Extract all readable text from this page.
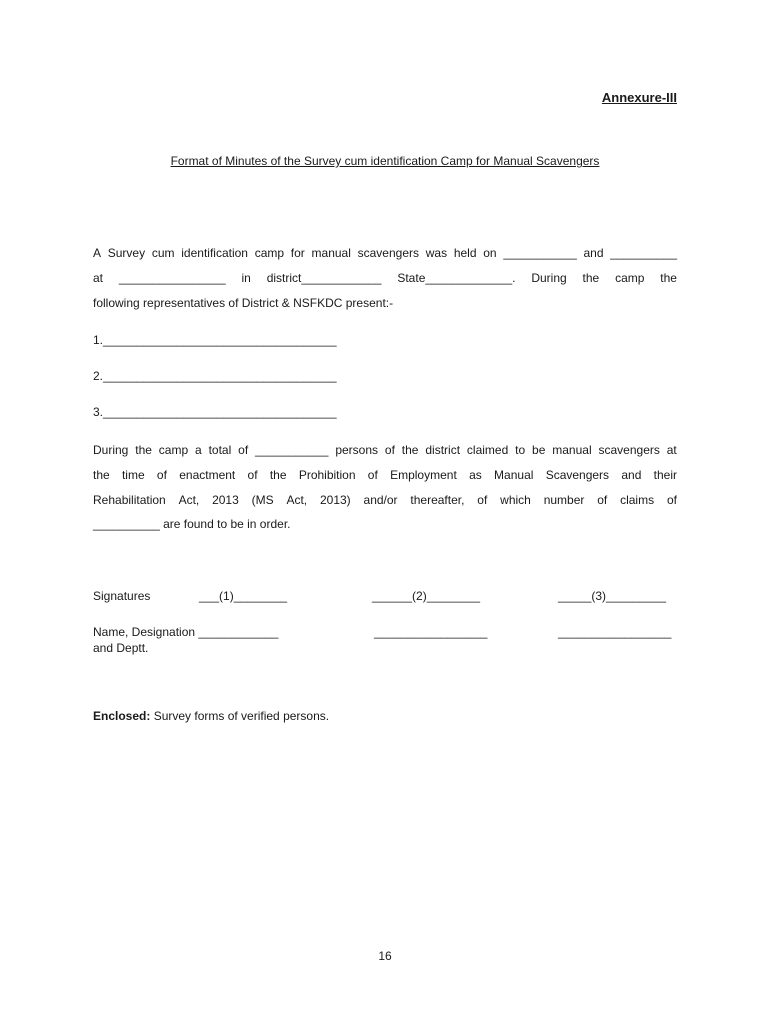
Annexure-III
Format of Minutes of the Survey cum identification Camp for Manual Scavengers
A Survey cum identification camp for manual scavengers was held on ___________ and __________
at ________________ in district____________ State_____________. During the camp the
following representatives of District & NSFKDC present:-
1.___________________________________
2.___________________________________
3.___________________________________
During the camp a total of ___________ persons of the district claimed to be manual scavengers at
the time of enactment of the Prohibition of Employment as Manual Scavengers and their
Rehabilitation Act, 2013 (MS Act, 2013) and/or thereafter, of which number of claims of
__________ are found to be in order.
Signatures	___(1)________	______(2)________	_____(3)_________
Name, Designation ____________	_________________	_________________
and Deptt.
Enclosed: Survey forms of verified persons.
16
